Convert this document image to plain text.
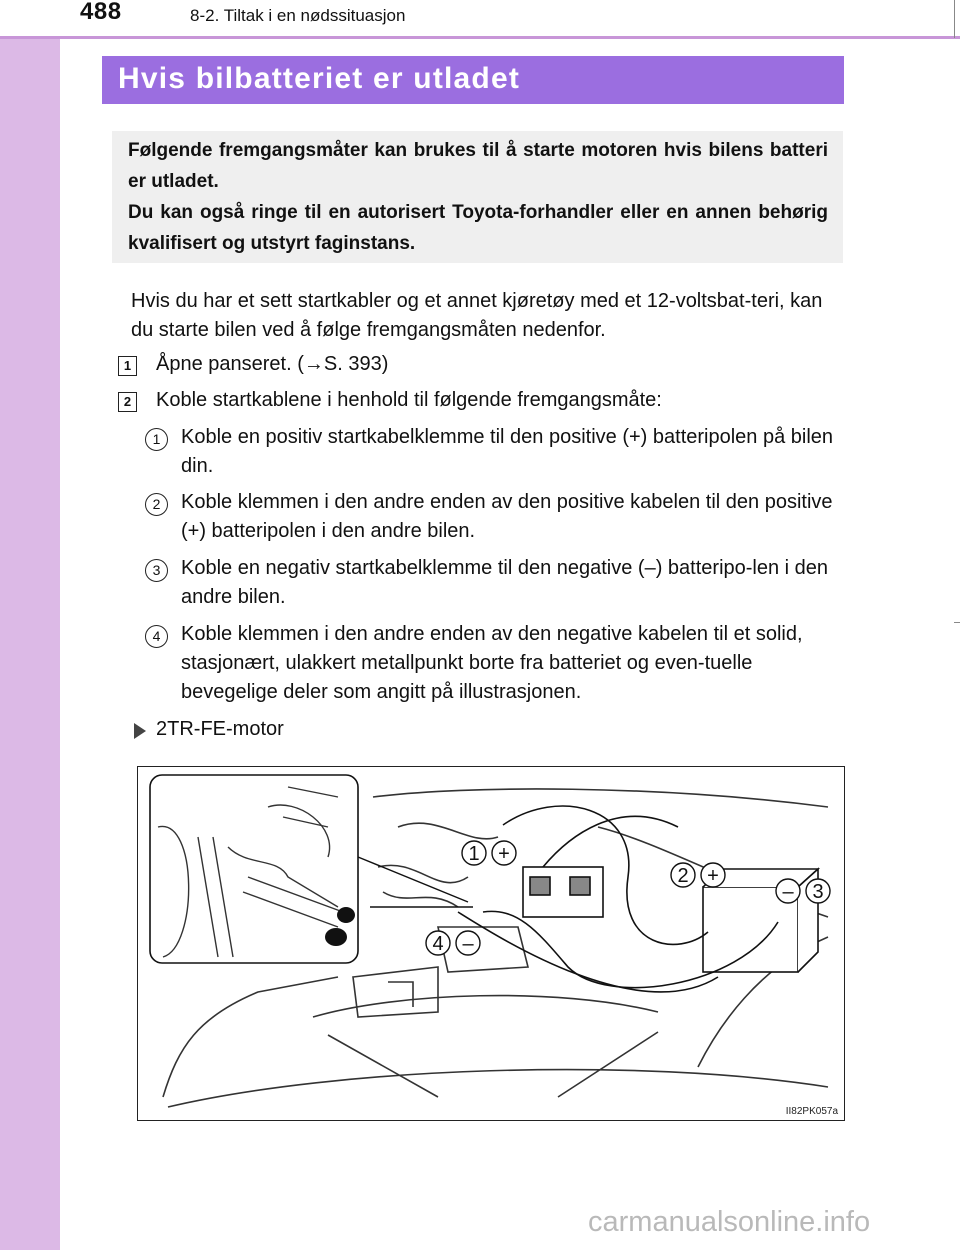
488	8-2. Tiltak i en nødssituasjon
Hvis bilbatteriet er utladet

Følgende fremgangsmåter kan brukes til å starte motoren hvis bilens batteri er utladet.

Du kan også ringe til en autorisert Toyota-forhandler eller en annen behørig kvalifisert og utstyrt faginstans.

Hvis du har et sett startkabler og et annet kjøretøy med et 12-voltsbat-teri, kan du starte bilen ved å følge fremgangsmåten nedenfor.
1 Åpne panseret. (→S. 393)
2 Koble startkablene i henhold til følgende fremgangsmåte:
1	Koble en positiv startkabelklemme til den positive (+) batteripolen på bilen din.
2	Koble klemmen i den andre enden av den positive kabelen til den positive (+) batteripolen i den andre bilen.
3	Koble en negativ startkabelklemme til den negative (–) batteripo-len i den andre bilen.
4	Koble klemmen i den andre enden av den negative kabelen til et solid, stasjonært, ulakkert metallpunkt borte fra batteriet og even-tuelle bevegelige deler som angitt på illustrasjonen.
2TR-FE-motor
1 +
2 +
– 3
4 –
II82PK057a
carmanualsonline.info
